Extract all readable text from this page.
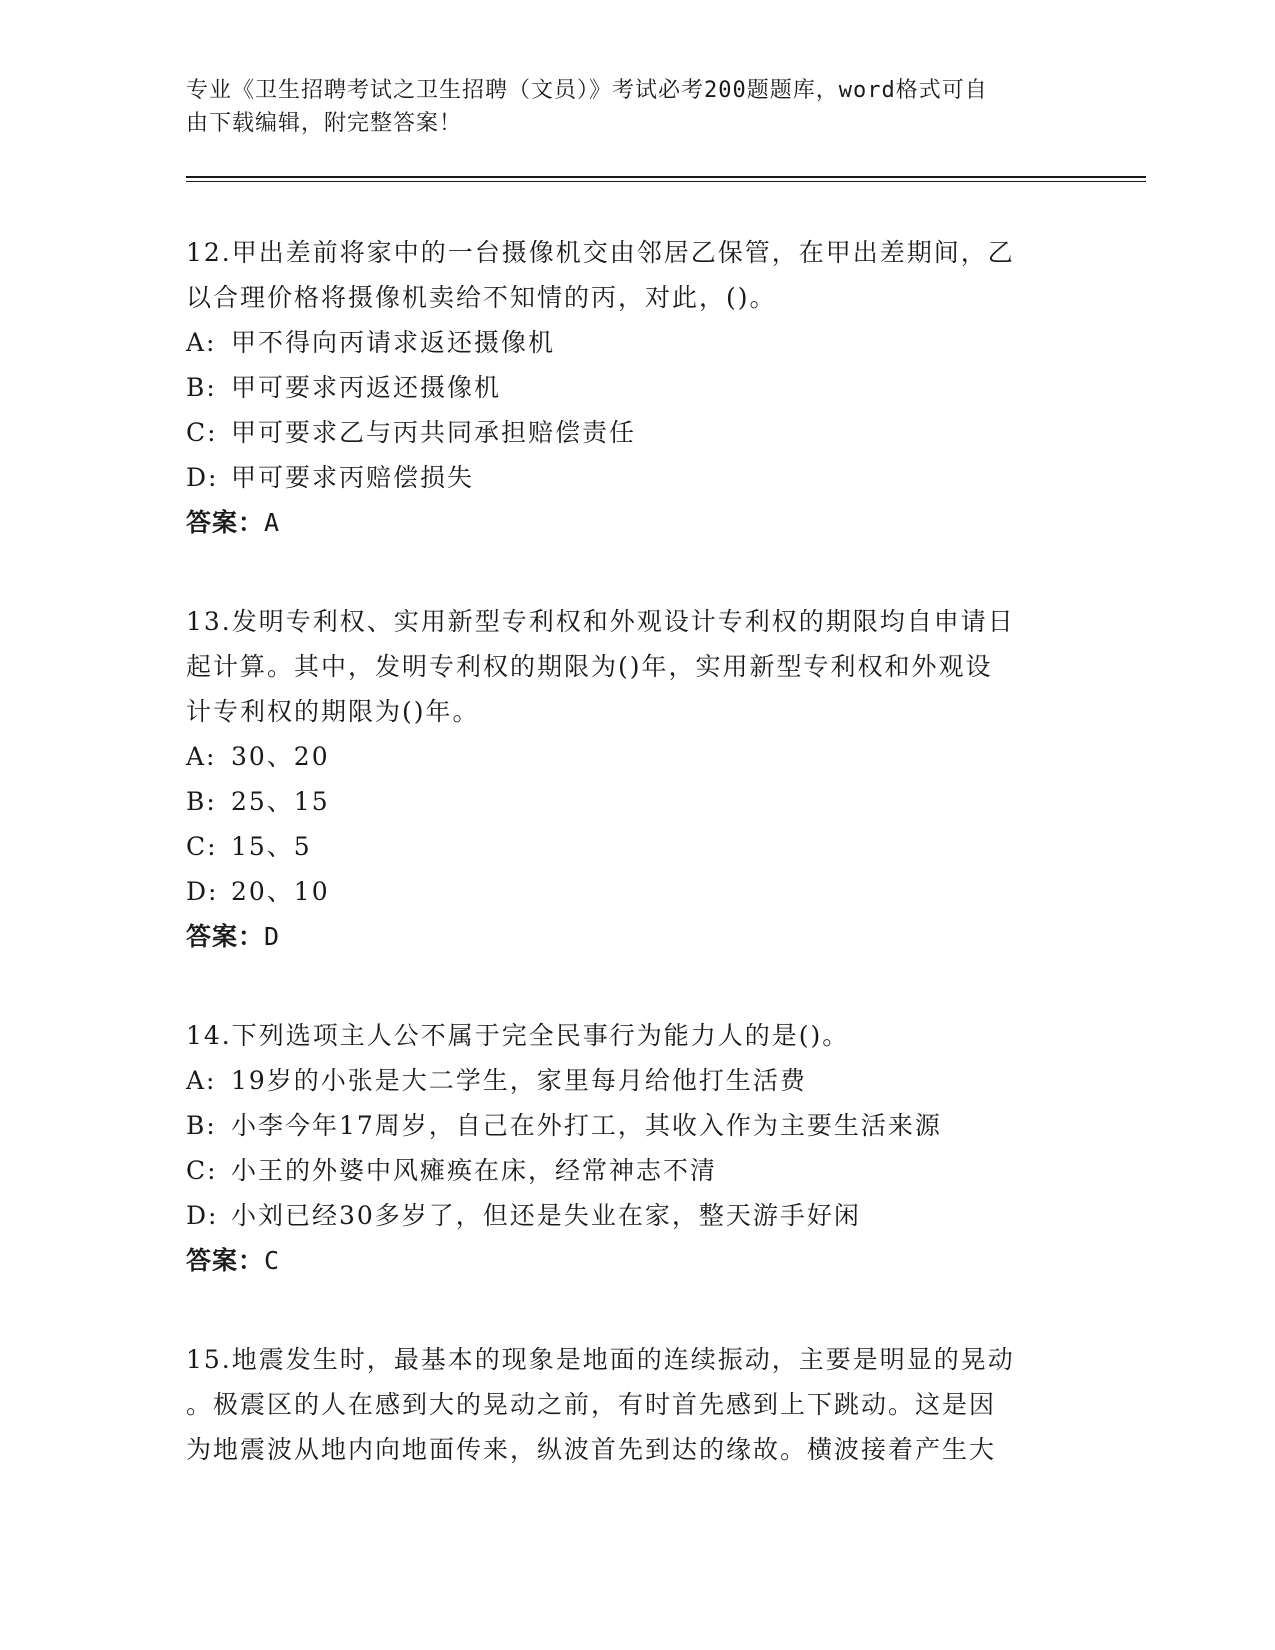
专业《卫生招聘考试之卫生招聘（文员）》考试必考200题题库，word格式可自
由下载编辑，附完整答案！

12.甲出差前将家中的一台摄像机交由邻居乙保管，在甲出差期间，乙

以合理价格将摄像机卖给不知情的丙，对此，()。

A: 甲不得向丙请求返还摄像机

B: 甲可要求丙返还摄像机

C: 甲可要求乙与丙共同承担赔偿责任

D: 甲可要求丙赔偿损失

答案：A

13.发明专利权、实用新型专利权和外观设计专利权的期限均自申请日

起计算。其中，发明专利权的期限为()年，实用新型专利权和外观设

计专利权的期限为()年。

A: 30、20

B: 25、15

C: 15、5

D: 20、10

答案：D

14.下列选项主人公不属于完全民事行为能力人的是()。

A: 19岁的小张是大二学生，家里每月给他打生活费

B: 小李今年17周岁，自己在外打工，其收入作为主要生活来源

C: 小王的外婆中风瘫痪在床，经常神志不清

D: 小刘已经30多岁了，但还是失业在家，整天游手好闲

答案：C

15.地震发生时，最基本的现象是地面的连续振动，主要是明显的晃动

。极震区的人在感到大的晃动之前，有时首先感到上下跳动。这是因

为地震波从地内向地面传来，纵波首先到达的缘故。横波接着产生大
